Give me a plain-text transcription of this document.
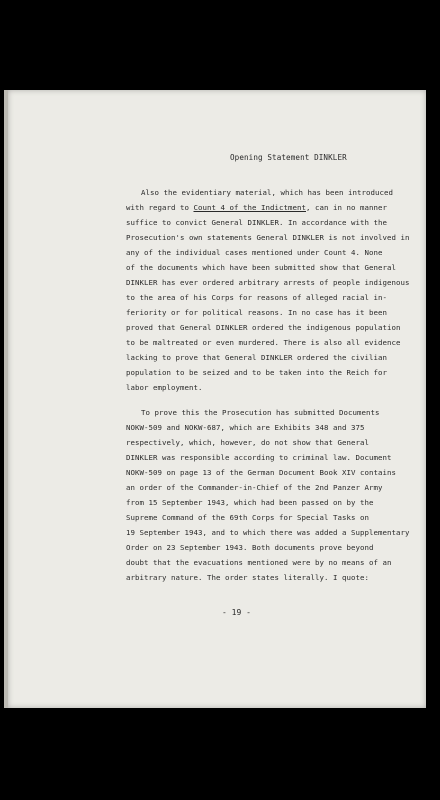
Opening Statement DINKLER
Also the evidentiary material, which has been introduced
with regard to Count 4 of the Indictment, can in no manner
suffice to convict General DINKLER. In accordance with the
Prosecution's own statements General DINKLER is not involved in
any of the individual cases mentioned under Count 4. None
of the documents which have been submitted show that General
DINKLER has ever ordered arbitrary arrests of people indigenous
to the area of his Corps for reasons of alleged racial in-
feriority or for political reasons. In no case has it been
proved that General DINKLER ordered the indigenous population
to be maltreated or even murdered. There is also all evidence
lacking to prove that General DINKLER ordered the civilian
population to be seized and to be taken into the Reich for
labor employment.
To prove this the Prosecution has submitted Documents
NOKW-509 and NOKW-687, which are Exhibits 348 and 375
respectively, which, however, do not show that General
DINKLER was responsible according to criminal law. Document
NOKW-509 on page 13 of the German Document Book XIV contains
an order of the Commander-in-Chief of the 2nd Panzer Army
from 15 September 1943, which had been passed on by the
Supreme Command of the 69th Corps for Special Tasks on
19 September 1943, and to which there was added a Supplementary
Order on 23 September 1943. Both documents prove beyond
doubt that the evacuations mentioned were by no means of an
arbitrary nature. The order states literally. I quote:
- 19 -
